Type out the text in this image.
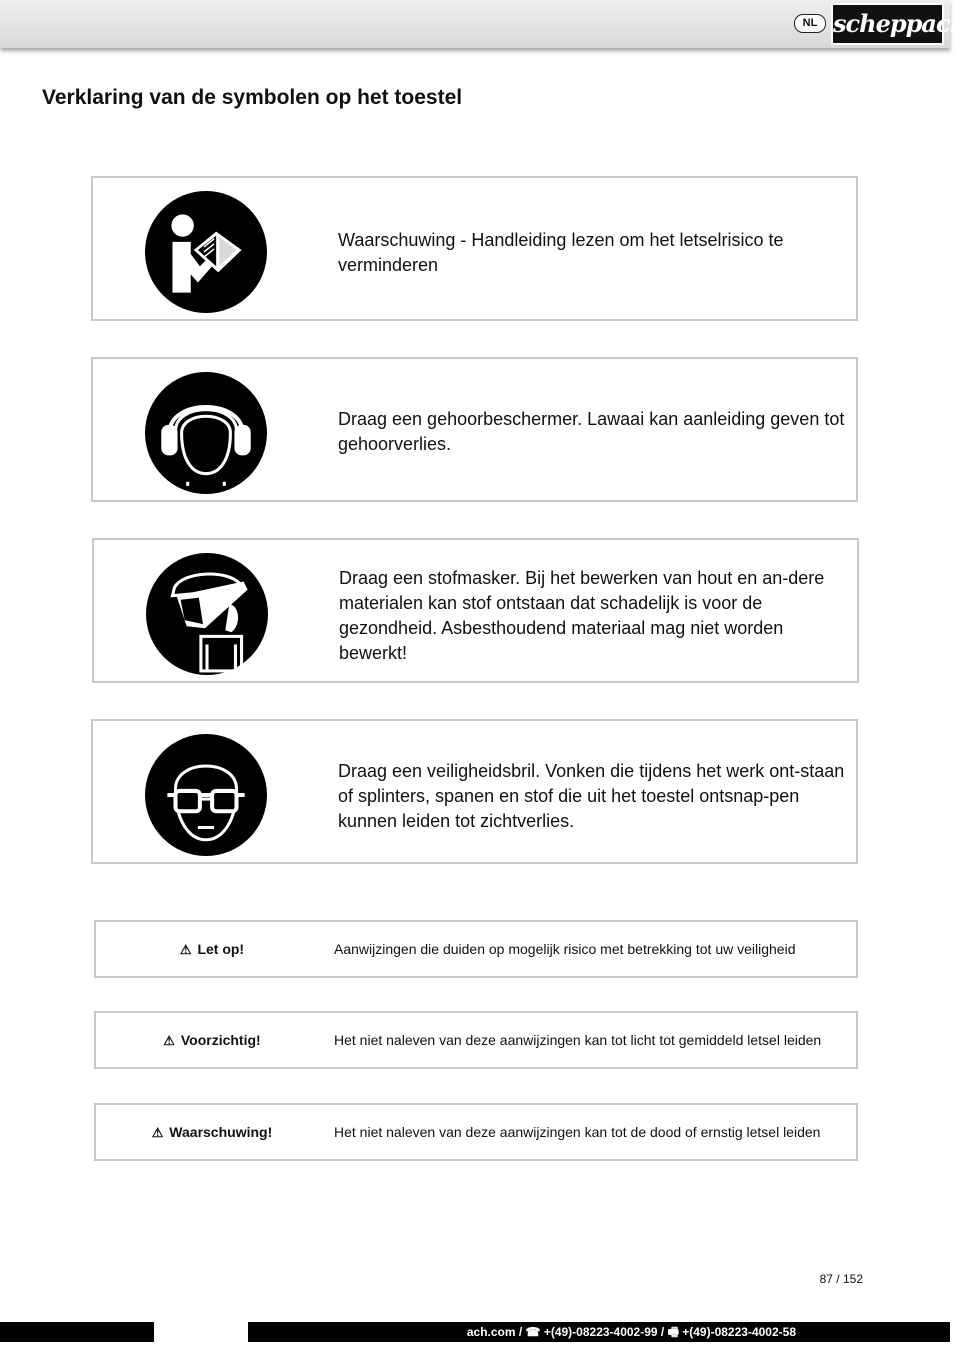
NL scheppach
Verklaring van de symbolen op het toestel

Waarschuwing - Handleiding lezen om het letselrisico te verminderen

Draag een gehoorbeschermer. Lawaai kan aanleiding geven tot gehoorverlies.

Draag een stofmasker. Bij het bewerken van hout en an-dere materialen kan stof ontstaan dat schadelijk is voor de gezondheid. Asbesthoudend materiaal mag niet worden bewerkt!

Draag een veiligheidsbril. Vonken die tijdens het werk ont-staan of splinters, spanen en stof die uit het toestel ontsnap-pen kunnen leiden tot zichtverlies.

⚠ Let op!	Aanwijzingen die duiden op mogelijk risico met betrekking tot uw veiligheid
⚠ Voorzichtig!	Het niet naleven van deze aanwijzingen kan tot licht tot gemiddeld letsel leiden
⚠ Waarschuwing!	Het niet naleven van deze aanwijzingen kan tot de dood of ernstig letsel leiden
87 / 152
ach.com / ☎ +(49)-08223-4002-99 / 🖷 +(49)-08223-4002-58
